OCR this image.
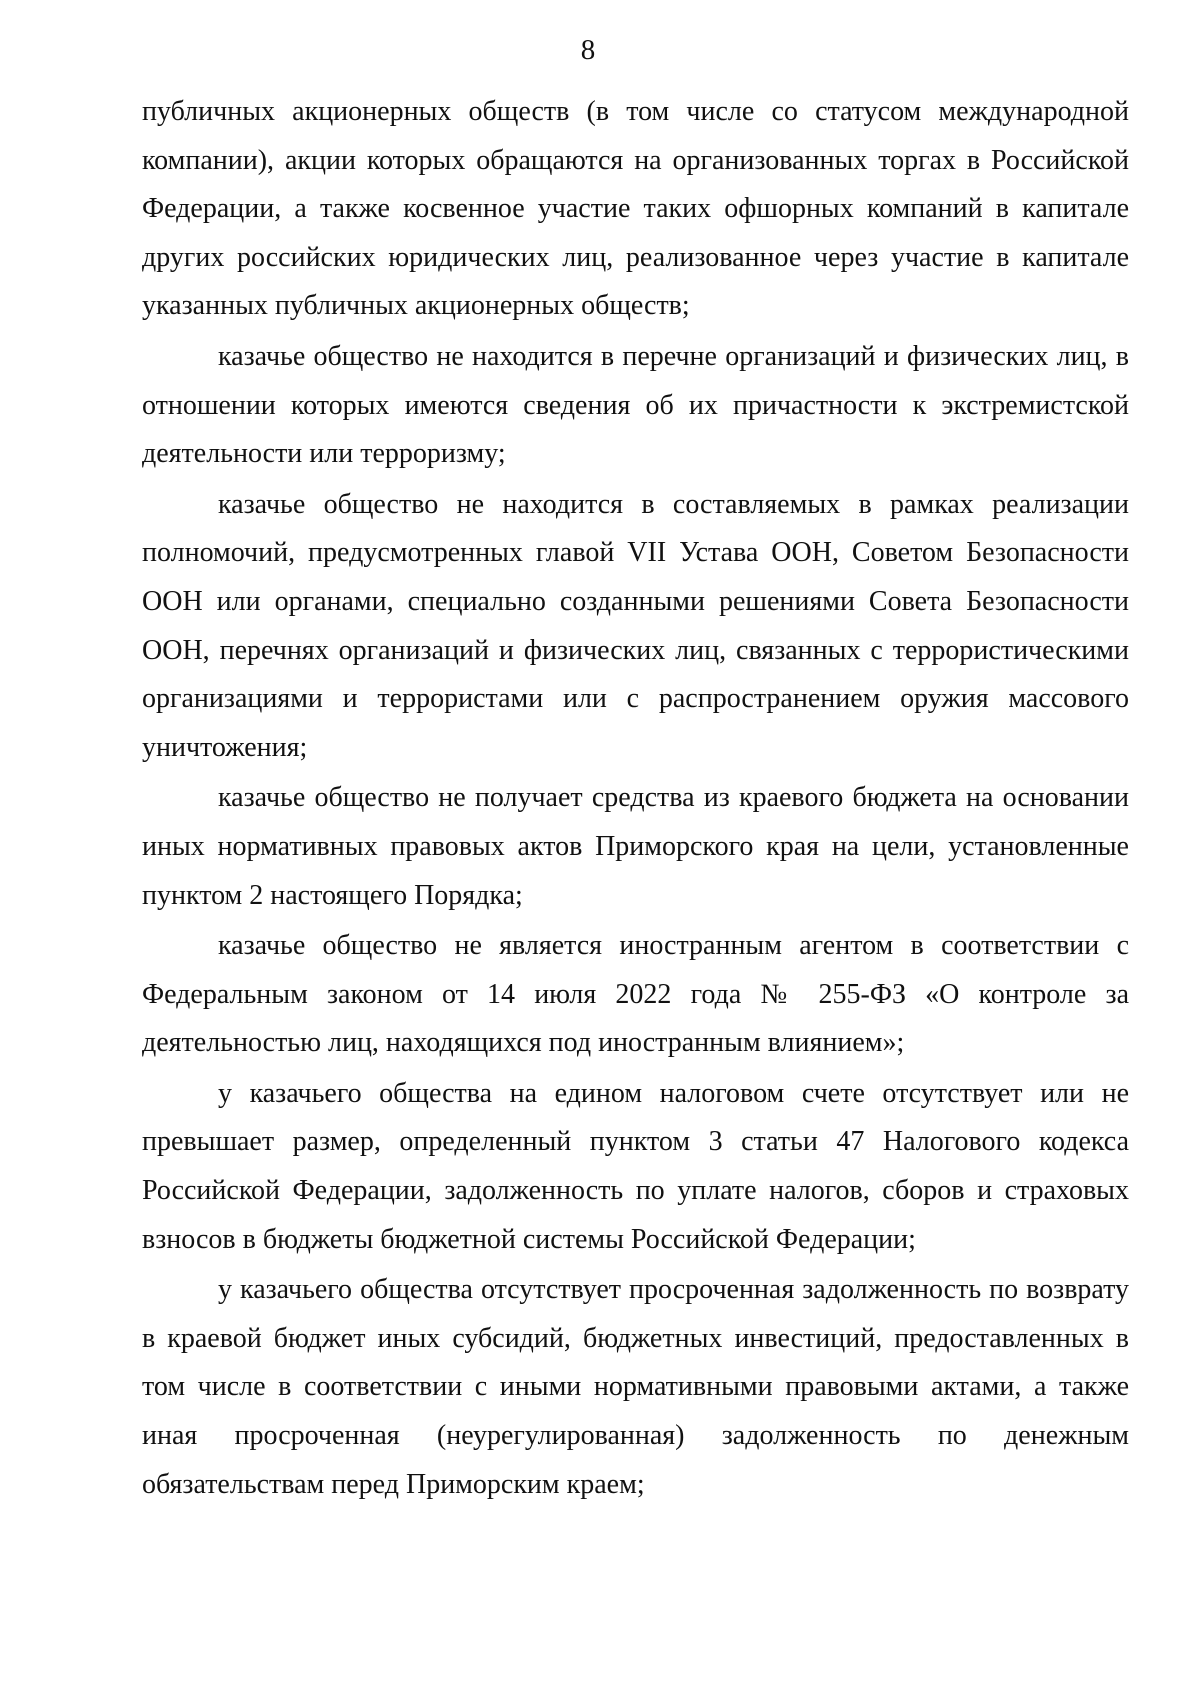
8

публичных акционерных обществ (в том числе со статусом международной компании), акции которых обращаются на организованных торгах в Российской Федерации, а также косвенное участие таких офшорных компаний в капитале других российских юридических лиц, реализованное через участие в капитале указанных публичных акционерных обществ;

казачье общество не находится в перечне организаций и физических лиц, в отношении которых имеются сведения об их причастности к экстремистской деятельности или терроризму;

казачье общество не находится в составляемых в рамках реализации полномочий, предусмотренных главой VII Устава ООН, Советом Безопасности ООН или органами, специально созданными решениями Совета Безопасности ООН, перечнях организаций и физических лиц, связанных с террористическими организациями и террористами или с распространением оружия массового уничтожения;

казачье общество не получает средства из краевого бюджета на основании иных нормативных правовых актов Приморского края на цели, установленные пунктом 2 настоящего Порядка;

казачье общество не является иностранным агентом в соответствии с Федеральным законом от 14 июля 2022 года № 255-ФЗ «О контроле за деятельностью лиц, находящихся под иностранным влиянием»;

у казачьего общества на едином налоговом счете отсутствует или не превышает размер, определенный пунктом 3 статьи 47 Налогового кодекса Российской Федерации, задолженность по уплате налогов, сборов и страховых взносов в бюджеты бюджетной системы Российской Федерации;

у казачьего общества отсутствует просроченная задолженность по возврату в краевой бюджет иных субсидий, бюджетных инвестиций, предоставленных в том числе в соответствии с иными нормативными правовыми актами, а также иная просроченная (неурегулированная) задолженность по денежным обязательствам перед Приморским краем;
